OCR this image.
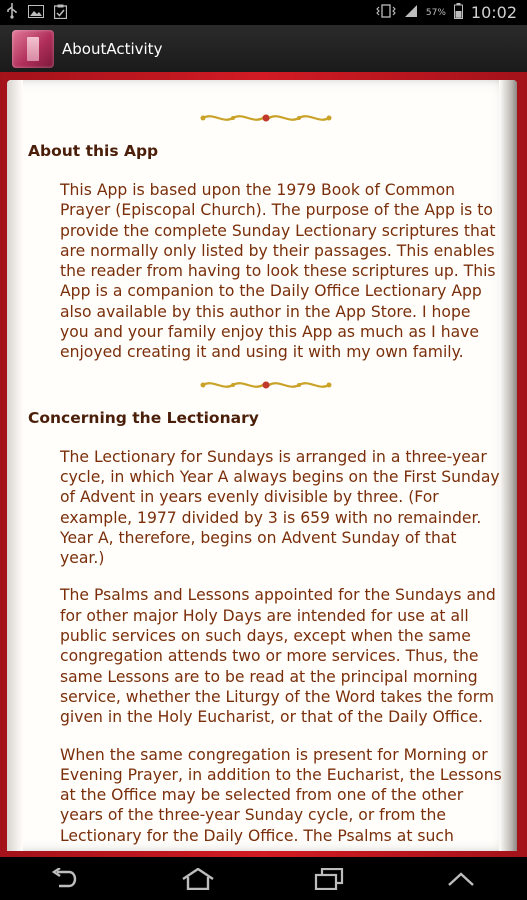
57% 10:02
AboutActivity
About this App

This App is based upon the 1979 Book of Common Prayer (Episcopal Church). The purpose of the App is to provide the complete Sunday Lectionary scriptures that are normally only listed by their passages. This enables the reader from having to look these scriptures up. This App is a companion to the Daily Office Lectionary App also available by this author in the App Store. I hope you and your family enjoy this App as much as I have enjoyed creating it and using it with my own family.

Concerning the Lectionary

The Lectionary for Sundays is arranged in a three-year cycle, in which Year A always begins on the First Sunday of Advent in years evenly divisible by three. (For example, 1977 divided by 3 is 659 with no remainder. Year A, therefore, begins on Advent Sunday of that year.)

The Psalms and Lessons appointed for the Sundays and for other major Holy Days are intended for use at all public services on such days, except when the same congregation attends two or more services. Thus, the same Lessons are to be read at the principal morning service, whether the Liturgy of the Word takes the form given in the Holy Eucharist, or that of the Daily Office.

When the same congregation is present for Morning or Evening Prayer, in addition to the Eucharist, the Lessons at the Office may be selected from one of the other years of the three-year Sunday cycle, or from the Lectionary for the Daily Office. The Psalms at such
